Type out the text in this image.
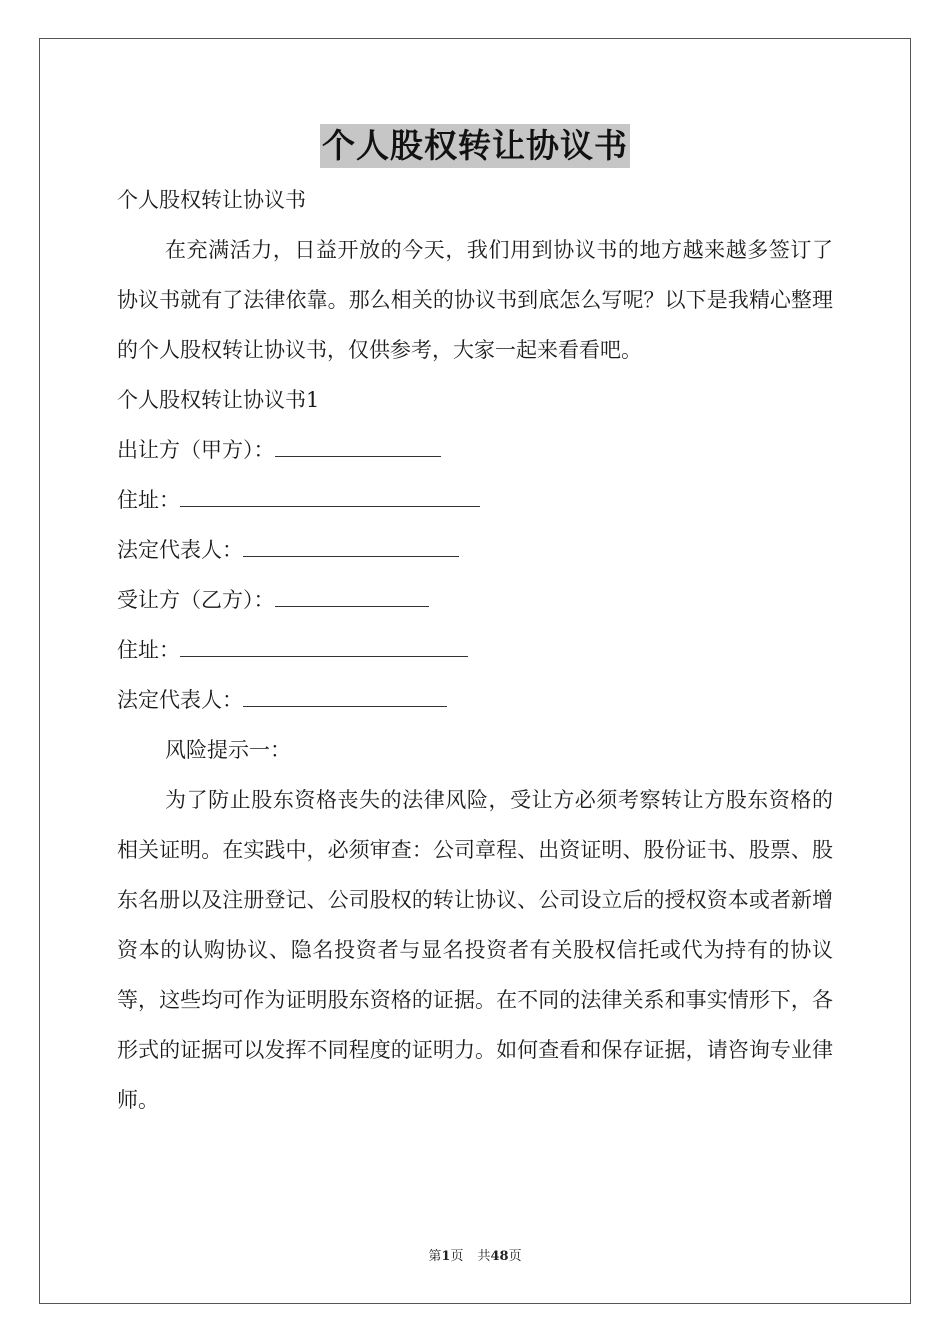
个人股权转让协议书

个人股权转让协议书

在充满活力，日益开放的今天，我们用到协议书的地方越来越多签订了协议书就有了法律依靠。那么相关的协议书到底怎么写呢？以下是我精心整理的个人股权转让协议书，仅供参考，大家一起来看看吧。

个人股权转让协议书1

出让方（甲方）：

住址：

法定代表人：

受让方（乙方）：

住址：

法定代表人：

风险提示一：

为了防止股东资格丧失的法律风险，受让方必须考察转让方股东资格的相关证明。在实践中，必须审查：公司章程、出资证明、股份证书、股票、股东名册以及注册登记、公司股权的转让协议、公司设立后的授权资本或者新增资本的认购协议、隐名投资者与显名投资者有关股权信托或代为持有的协议等，这些均可作为证明股东资格的证据。在不同的法律关系和事实情形下，各形式的证据可以发挥不同程度的证明力。如何查看和保存证据，请咨询专业律师。

第1页 共48页
